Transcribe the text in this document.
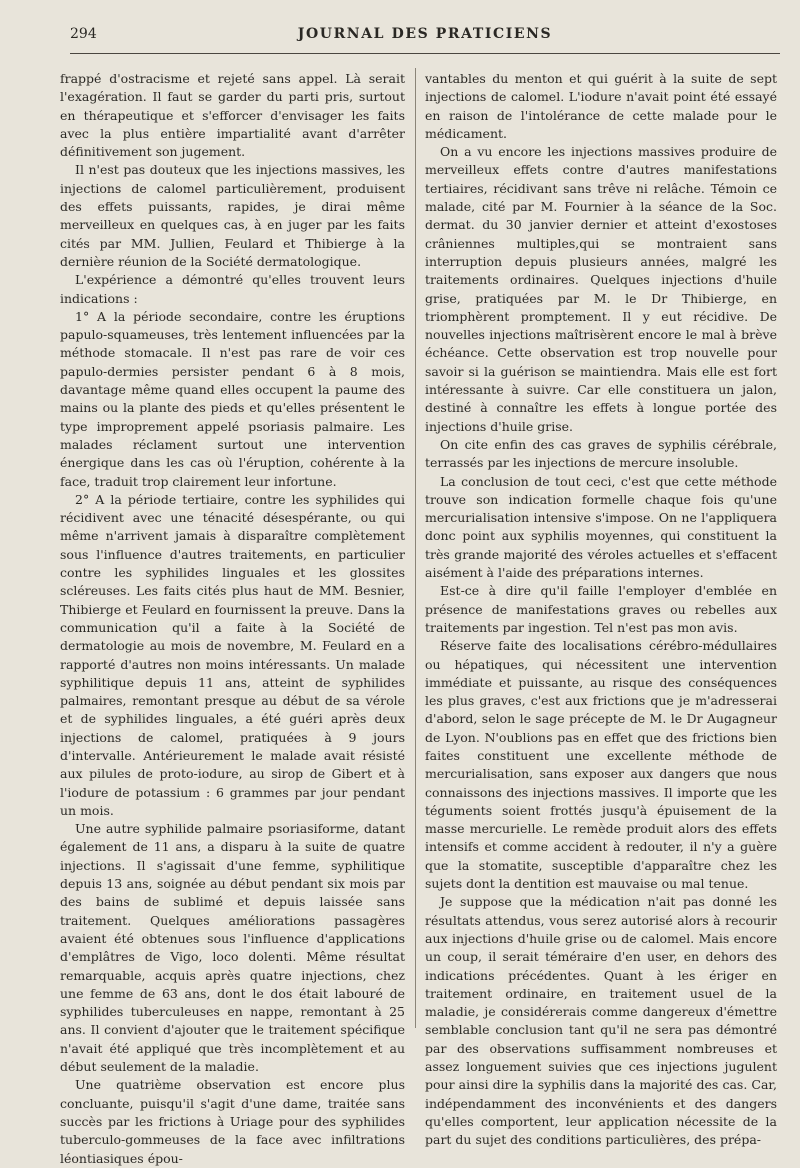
294	JOURNAL DES PRATICIENS

frappé d'ostracisme et rejeté sans appel. Là serait l'exagération. Il faut se garder du parti pris, surtout en thérapeutique et s'efforcer d'envisager les faits avec la plus entière impartialité avant d'arrêter définitivement son jugement.

Il n'est pas douteux que les injections massives, les injections de calomel particulièrement, produisent des effets puissants, rapides, je dirai même merveilleux en quelques cas, à en juger par les faits cités par MM. Jullien, Feulard et Thibierge à la dernière réunion de la Société dermatologique.

L'expérience a démontré qu'elles trouvent leurs indications :

1° A la période secondaire, contre les éruptions papulo-squameuses, très lentement influencées par la méthode stomacale. Il n'est pas rare de voir ces papulo-dermies persister pendant 6 à 8 mois, davantage même quand elles occupent la paume des mains ou la plante des pieds et qu'elles présentent le type improprement appelé psoriasis palmaire. Les malades réclament surtout une intervention énergique dans les cas où l'éruption, cohérente à la face, traduit trop clairement leur infortune.

2° A la période tertiaire, contre les syphilides qui récidivent avec une ténacité désespérante, ou qui même n'arrivent jamais à disparaître complètement sous l'influence d'autres traitements, en particulier contre les syphilides linguales et les glossites scléreuses. Les faits cités plus haut de MM. Besnier, Thibierge et Feulard en fournissent la preuve. Dans la communication qu'il a faite à la Société de dermatologie au mois de novembre, M. Feulard en a rapporté d'autres non moins intéressants. Un malade syphilitique depuis 11 ans, atteint de syphilides palmaires, remontant presque au début de sa vérole et de syphilides linguales, a été guéri après deux injections de calomel, pratiquées à 9 jours d'intervalle. Antérieurement le malade avait résisté aux pilules de proto-iodure, au sirop de Gibert et à l'iodure de potassium : 6 grammes par jour pendant un mois.

Une autre syphilide palmaire psoriasiforme, datant également de 11 ans, a disparu à la suite de quatre injections. Il s'agissait d'une femme, syphilitique depuis 13 ans, soignée au début pendant six mois par des bains de sublimé et depuis laissée sans traitement. Quelques améliorations passagères avaient été obtenues sous l'influence d'applications d'emplâtres de Vigo, loco dolenti. Même résultat remarquable, acquis après quatre injections, chez une femme de 63 ans, dont le dos était labouré de syphilides tuberculeuses en nappe, remontant à 25 ans. Il convient d'ajouter que le traitement spécifique n'avait été appliqué que très incomplètement et au début seulement de la maladie.

Une quatrième observation est encore plus concluante, puisqu'il s'agit d'une dame, traitée sans succès par les frictions à Uriage pour des syphilides tuberculo-gommeuses de la face avec infiltrations léontiasiques épou-

vantables du menton et qui guérit à la suite de sept injections de calomel. L'iodure n'avait point été essayé en raison de l'intolérance de cette malade pour le médicament.

On a vu encore les injections massives produire de merveilleux effets contre d'autres manifestations tertiaires, récidivant sans trêve ni relâche. Témoin ce malade, cité par M. Fournier à la séance de la Soc. dermat. du 30 janvier dernier et atteint d'exostoses crâniennes multiples,qui se montraient sans interruption depuis plusieurs années, malgré les traitements ordinaires. Quelques injections d'huile grise, pratiquées par M. le Dr Thibierge, en triomphèrent promptement. Il y eut récidive. De nouvelles injections maîtrisèrent encore le mal à brève échéance. Cette observation est trop nouvelle pour savoir si la guérison se maintiendra. Mais elle est fort intéressante à suivre. Car elle constituera un jalon, destiné à connaître les effets à longue portée des injections d'huile grise.

On cite enfin des cas graves de syphilis cérébrale, terrassés par les injections de mercure insoluble.

La conclusion de tout ceci, c'est que cette méthode trouve son indication formelle chaque fois qu'une mercurialisation intensive s'impose. On ne l'appliquera donc point aux syphilis moyennes, qui constituent la très grande majorité des véroles actuelles et s'effacent aisément à l'aide des préparations internes.

Est-ce à dire qu'il faille l'employer d'emblée en présence de manifestations graves ou rebelles aux traitements par ingestion. Tel n'est pas mon avis.

Réserve faite des localisations cérébro-médullaires ou hépatiques, qui nécessitent une intervention immédiate et puissante, au risque des conséquences les plus graves, c'est aux frictions que je m'adresserai d'abord, selon le sage précepte de M. le Dr Augagneur de Lyon. N'oublions pas en effet que des frictions bien faites constituent une excellente méthode de mercurialisation, sans exposer aux dangers que nous connaissons des injections massives. Il importe que les téguments soient frottés jusqu'à épuisement de la masse mercurielle. Le remède produit alors des effets intensifs et comme accident à redouter, il n'y a guère que la stomatite, susceptible d'apparaître chez les sujets dont la dentition est mauvaise ou mal tenue.

Je suppose que la médication n'ait pas donné les résultats attendus, vous serez autorisé alors à recourir aux injections d'huile grise ou de calomel. Mais encore un coup, il serait téméraire d'en user, en dehors des indications précédentes. Quant à les ériger en traitement ordinaire, en traitement usuel de la maladie, je considérerais comme dangereux d'émettre semblable conclusion tant qu'il ne sera pas démontré par des observations suffisamment nombreuses et assez longuement suivies que ces injections jugulent pour ainsi dire la syphilis dans la majorité des cas. Car, indépendamment des inconvénients et des dangers qu'elles comportent, leur application nécessite de la part du sujet des conditions particulières, des prépa-
